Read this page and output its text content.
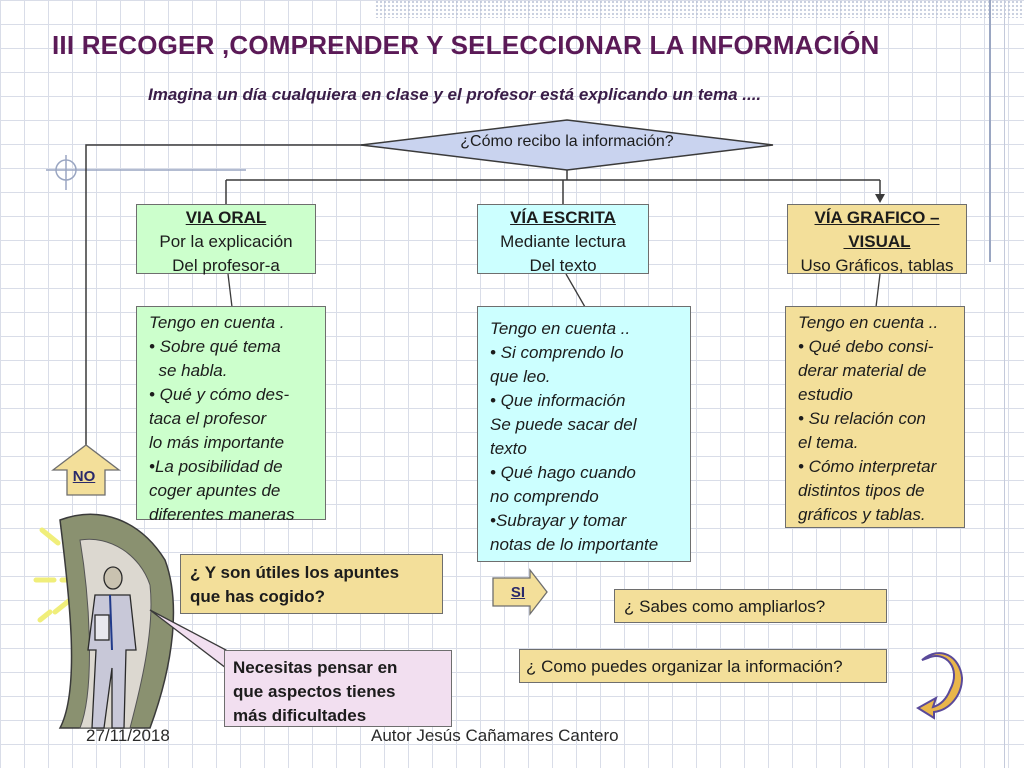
III RECOGER ,COMPRENDER Y SELECCIONAR LA INFORMACIÓN
Imagina un día cualquiera en clase y el profesor está explicando un tema ....
¿Cómo recibo la información?
VIA ORAL
Por la explicación
Del profesor-a
VÍA ESCRITA
Mediante lectura
Del texto
VÍA GRAFICO –
VISUAL
Uso Gráficos, tablas
Tengo en cuenta .
• Sobre qué tema
se habla.
• Qué y cómo des-
taca el profesor
lo más importante
•La posibilidad de
coger apuntes de
diferentes maneras
Tengo en cuenta ..
• Si comprendo lo
que leo.
• Que información
Se puede sacar del
texto
• Qué hago cuando
no comprendo
•Subrayar y tomar
notas de lo importante
Tengo en cuenta ..
• Qué debo consi-
derar material de
estudio
• Su relación con
el tema.
• Cómo interpretar
distintos tipos de
gráficos y tablas.
NO
SI
¿ Y son útiles los apuntes
que has cogido?
Necesitas pensar en
que aspectos tienes
más dificultades
¿ Sabes como ampliarlos?
¿ Como puedes organizar la información?
27/11/2018	Autor Jesús Cañamares Cantero
